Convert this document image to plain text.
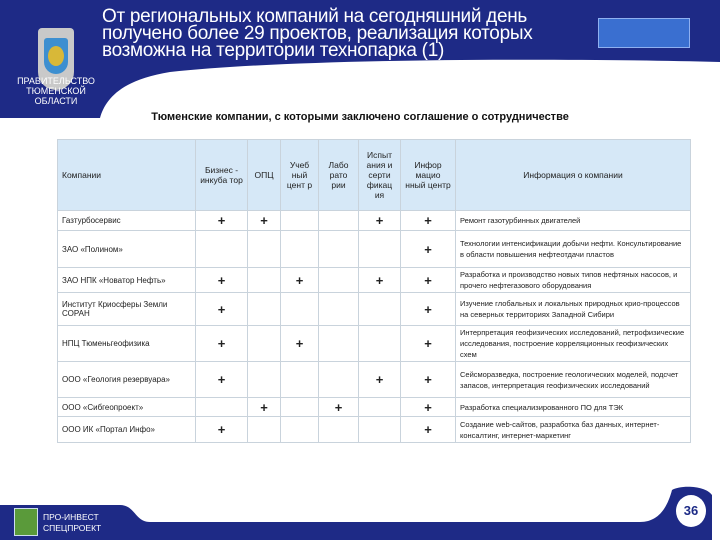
От региональных компаний на сегодняшний день получено более 29 проектов, реализация которых возможна на территории технопарка (1)
ПРАВИТЕЛЬСТВО ТЮМЕНСКОЙ ОБЛАСТИ
Тюменские компании, с которыми заключено соглашение о сотрудничестве
Компании	Бизнес - инкуба тор	ОПЦ	Учеб ный цент р	Лабо рато рии	Испыт ания и серти фикац ия	Инфор мацио нный центр	Информация о компании
Газтурбосервис	+	+			+	+	Ремонт газотурбинных двигателей
ЗАО «Полином»						+	Технологии интенсификации добычи нефти. Консультирование в области повышения нефтеотдачи пластов
ЗАО НПК «Новатор Нефть»	+		+		+	+	Разработка и производство новых типов нефтяных насосов, и прочего нефтегазового оборудования
Институт Криосферы Земли СОРАН	+					+	Изучение глобальных и локальных природных крио-процессов на северных территориях Западной Сибири
НПЦ Тюменьгеофизика	+		+			+	Интерпретация геофизических исследований, петрофизические исследования, построение корреляционных геофизических схем
ООО «Геология резервуара»	+				+	+	Сейсморазведка, построение геологических моделей, подсчет запасов, интерпретация геофизических исследований
ООО «Сибгеопроект»		+		+		+	Разработка специализированного ПО для ТЭК
ООО ИК «Портал Инфо»	+					+	Создание web-сайтов, разработка баз данных, интернет-консалтинг, интернет-маркетинг
ПРО-ИНВЕСТ
СПЕЦПРОЕКТ
36
